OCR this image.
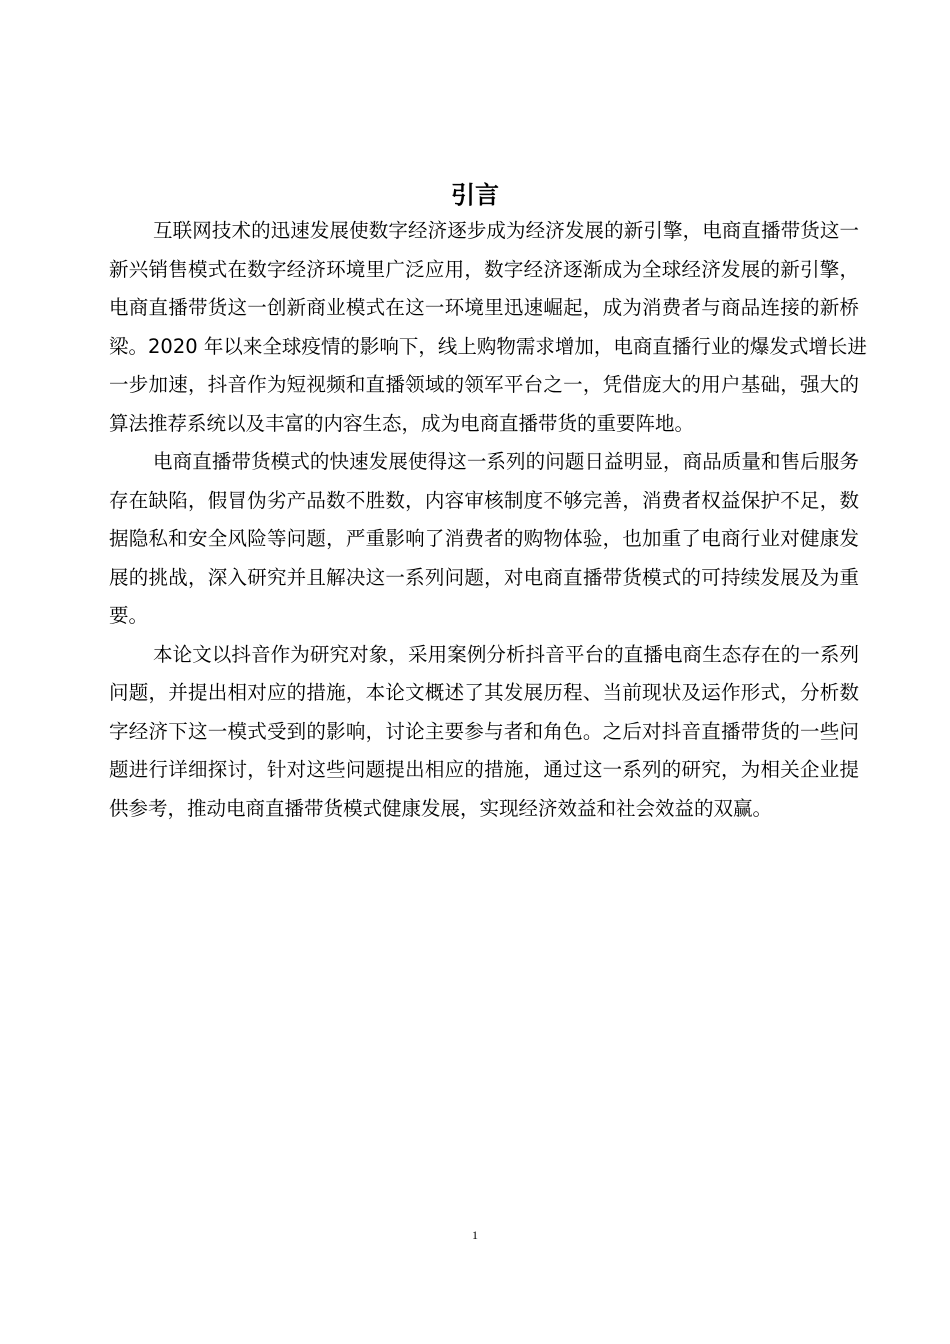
引言
互联网技术的迅速发展使数字经济逐步成为经济发展的新引擎，电商直播带货这一
新兴销售模式在数字经济环境里广泛应用，数字经济逐渐成为全球经济发展的新引擎，
电商直播带货这一创新商业模式在这一环境里迅速崛起，成为消费者与商品连接的新桥
梁。2020 年以来全球疫情的影响下，线上购物需求增加，电商直播行业的爆发式增长进
一步加速，抖音作为短视频和直播领域的领军平台之一，凭借庞大的用户基础，强大的
算法推荐系统以及丰富的内容生态，成为电商直播带货的重要阵地。
电商直播带货模式的快速发展使得这一系列的问题日益明显，商品质量和售后服务
存在缺陷，假冒伪劣产品数不胜数，内容审核制度不够完善，消费者权益保护不足，数
据隐私和安全风险等问题，严重影响了消费者的购物体验，也加重了电商行业对健康发
展的挑战，深入研究并且解决这一系列问题，对电商直播带货模式的可持续发展及为重
要。
本论文以抖音作为研究对象，采用案例分析抖音平台的直播电商生态存在的一系列
问题，并提出相对应的措施，本论文概述了其发展历程、当前现状及运作形式，分析数
字经济下这一模式受到的影响，讨论主要参与者和角色。之后对抖音直播带货的一些问
题进行详细探讨，针对这些问题提出相应的措施，通过这一系列的研究，为相关企业提
供参考，推动电商直播带货模式健康发展，实现经济效益和社会效益的双赢。
1
